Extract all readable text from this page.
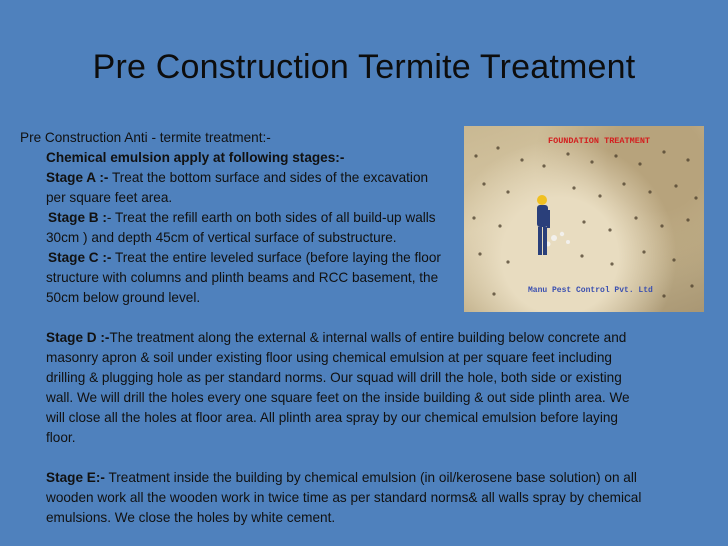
Pre Construction Termite Treatment
FOUNDATION TREATMENT
Manu Pest Control Pvt. Ltd
Pre Construction Anti - termite treatment:-
Chemical emulsion apply at following stages:-
Stage A :- Treat the bottom surface and sides of the excavation
per square feet area.
Stage B :- Treat the refill earth on both sides of all build-up walls
30cm ) and depth 45cm of vertical surface of substructure.
Stage C :- Treat the entire leveled surface (before laying the floor
structure with columns and plinth beams and RCC basement, the
50cm below ground level.
Stage D :-The treatment along the external & internal walls of entire building below concrete and
masonry apron & soil under existing floor using chemical emulsion at per square feet including
drilling & plugging hole as per standard norms. Our squad will drill the hole, both side or existing
wall. We will drill the holes every one square feet on the inside building & out side plinth area. We
will close all the holes at floor area. All plinth area spray by our chemical emulsion before laying
floor.
Stage E:- Treatment inside the building by chemical emulsion (in oil/kerosene base solution) on all
wooden work all the wooden work in twice time as per standard norms& all walls spray by chemical
emulsions. We close the holes by white cement.
